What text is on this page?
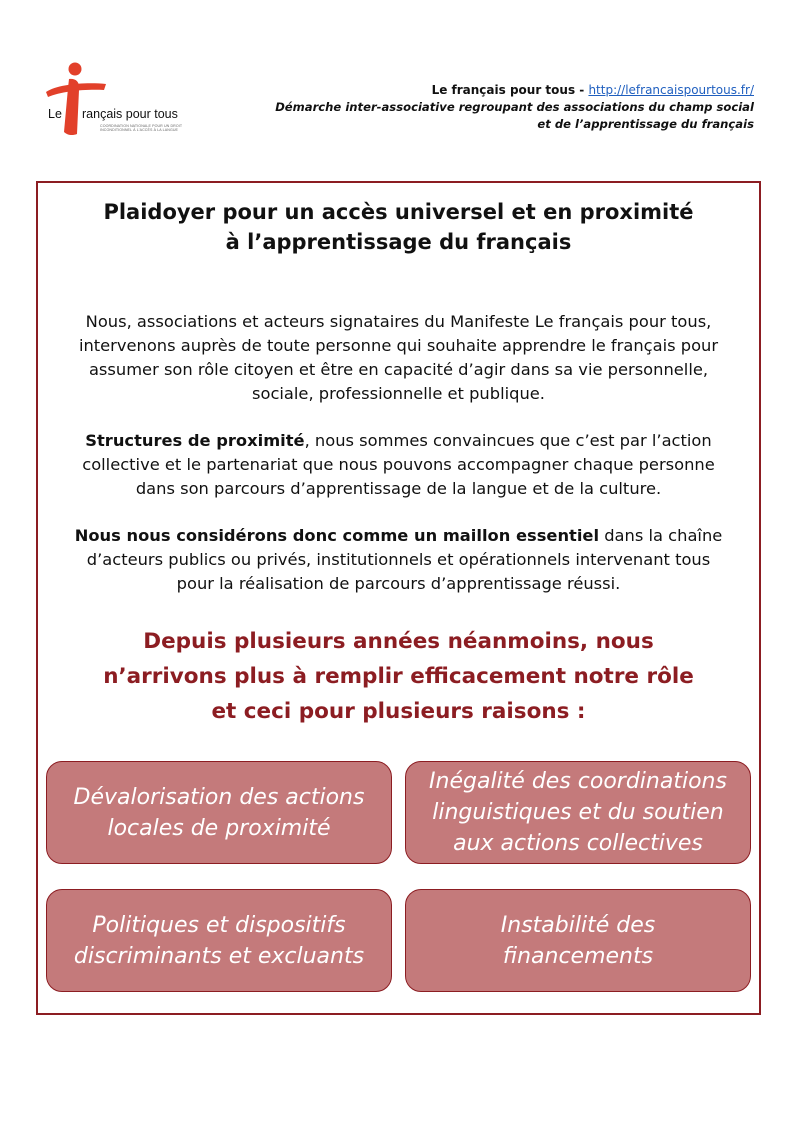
Le rançais pour tous
COORDINATION NATIONALE POUR UN DROIT
INCONDITIONNEL À L'ACCÈS À LA LANGUE
Le français pour tous - http://lefrancaispourtous.fr/
Démarche inter-associative regroupant des associations du champ social
et de l’apprentissage du français
Plaidoyer pour un accès universel et en proximité
à l’apprentissage du français
Nous, associations et acteurs signataires du Manifeste Le français pour tous,
intervenons auprès de toute personne qui souhaite apprendre le français pour
assumer son rôle citoyen et être en capacité d’agir dans sa vie personnelle,
sociale, professionnelle et publique.
Structures de proximité, nous sommes convaincues que c’est par l’action
collective et le partenariat que nous pouvons accompagner chaque personne
dans son parcours d’apprentissage de la langue et de la culture.
Nous nous considérons donc comme un maillon essentiel dans la chaîne
d’acteurs publics ou privés, institutionnels et opérationnels intervenant tous
pour la réalisation de parcours d’apprentissage réussi.
Depuis plusieurs années néanmoins, nous
n’arrivons plus à remplir efficacement notre rôle
et ceci pour plusieurs raisons :
Dévalorisation des actions
locales de proximité
Inégalité des coordinations
linguistiques et du soutien
aux actions collectives
Politiques et dispositifs
discriminants et excluants
Instabilité des
financements
